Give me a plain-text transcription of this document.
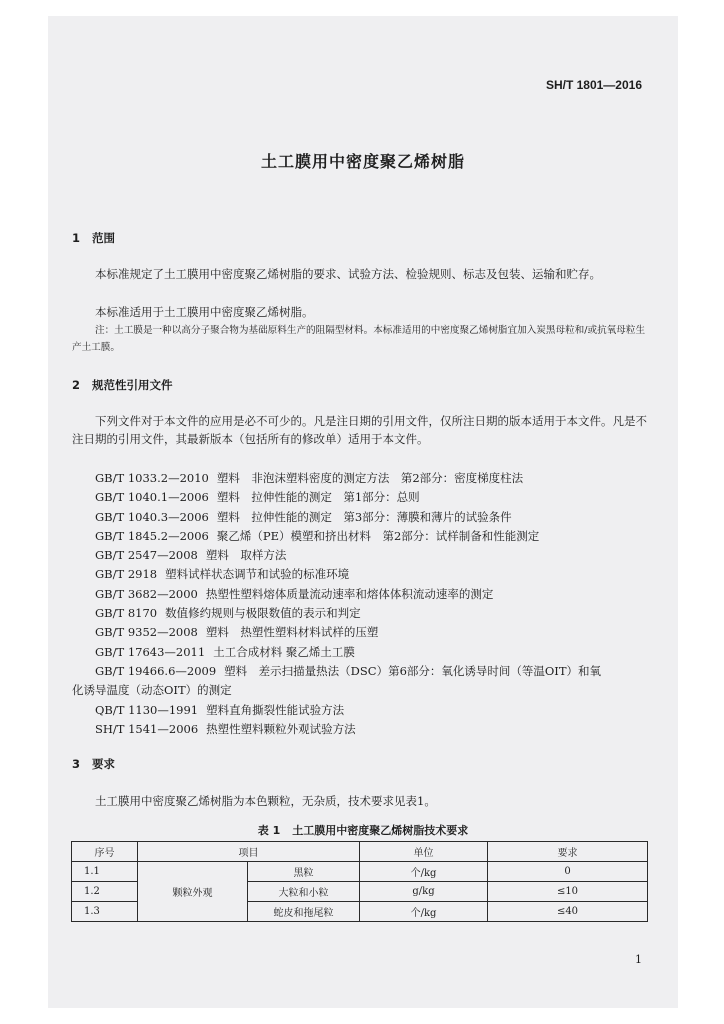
SH/T 1801—2016
土工膜用中密度聚乙烯树脂
1 范围
本标准规定了土工膜用中密度聚乙烯树脂的要求、试验方法、检验规则、标志及包装、运输和贮存。
本标准适用于土工膜用中密度聚乙烯树脂。
注：土工膜是一种以高分子聚合物为基础原料生产的阻隔型材料。本标准适用的中密度聚乙烯树脂宜加入炭黑母粒和/或抗氧母粒生产土工膜。
2 规范性引用文件
下列文件对于本文件的应用是必不可少的。凡是注日期的引用文件，仅所注日期的版本适用于本文件。凡是不注日期的引用文件，其最新版本（包括所有的修改单）适用于本文件。
GB/T 1033.2—2010 塑料　非泡沫塑料密度的测定方法　第2部分：密度梯度柱法
GB/T 1040.1—2006 塑料　拉伸性能的测定　第1部分：总则
GB/T 1040.3—2006 塑料　拉伸性能的测定　第3部分：薄膜和薄片的试验条件
GB/T 1845.2—2006 聚乙烯（PE）模塑和挤出材料　第2部分：试样制备和性能测定
GB/T 2547—2008 塑料　取样方法
GB/T 2918 塑料试样状态调节和试验的标准环境
GB/T 3682—2000 热塑性塑料熔体质量流动速率和熔体体积流动速率的测定
GB/T 8170 数值修约规则与极限数值的表示和判定
GB/T 9352—2008 塑料　热塑性塑料材料试样的压塑
GB/T 17643—2011 土工合成材料 聚乙烯土工膜
GB/T 19466.6—2009 塑料　差示扫描量热法（DSC）第6部分：氧化诱导时间（等温OIT）和氧
化诱导温度（动态OIT）的测定
QB/T 1130—1991 塑料直角撕裂性能试验方法
SH/T 1541—2006 热塑性塑料颗粒外观试验方法
3 要求
土工膜用中密度聚乙烯树脂为本色颗粒，无杂质，技术要求见表1。
表 1 土工膜用中密度聚乙烯树脂技术要求
序号	项目		单位	要求
1.1	颗粒外观	黑粒	个/kg	0
1.2		大粒和小粒	g/kg	≤10
1.3		蛇皮和拖尾粒	个/kg	≤40
1
